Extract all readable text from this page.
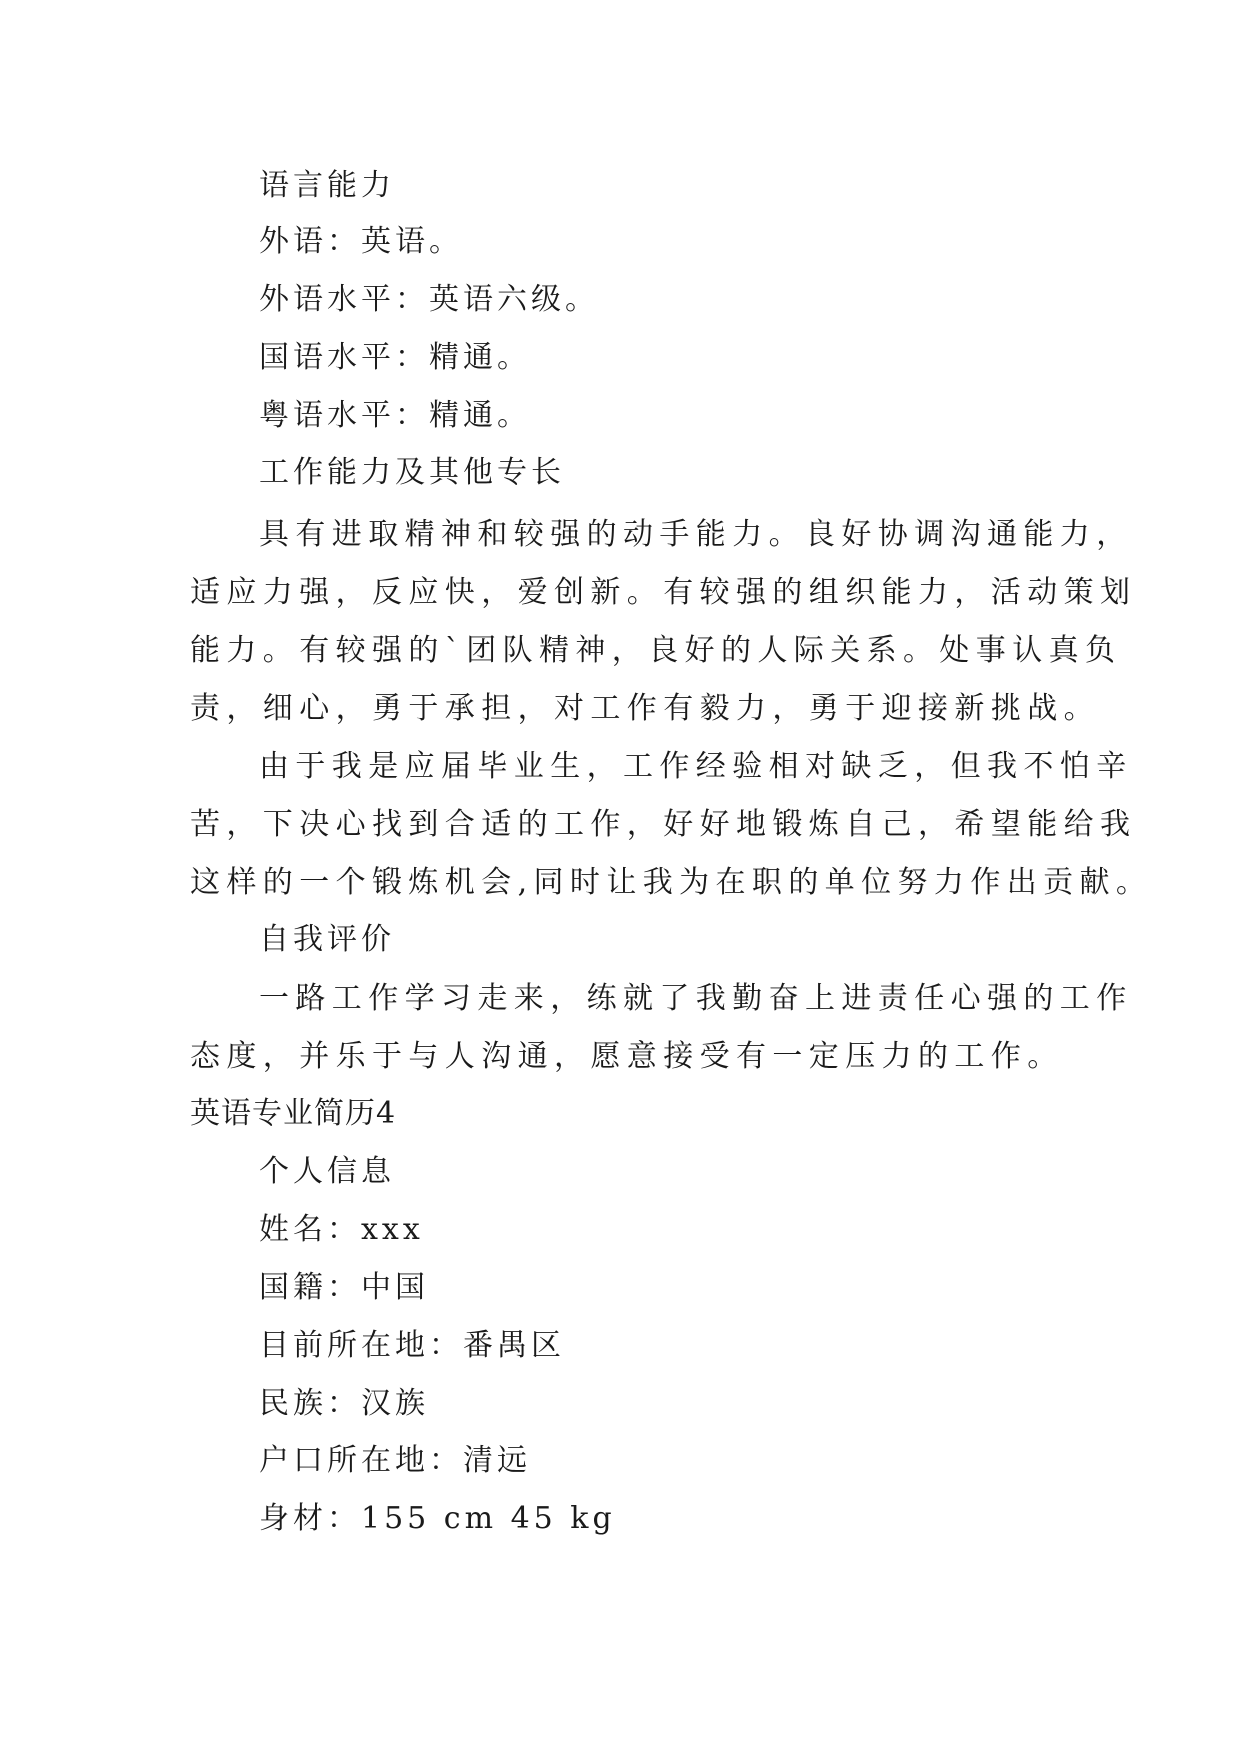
语言能力
外语：英语。
外语水平：英语六级。
国语水平：精通。
粤语水平：精通。
工作能力及其他专长
具有进取精神和较强的动手能力。良好协调沟通能力，
适应力强，反应快，爱创新。有较强的组织能力，活动策划
能力。有较强的`团队精神，良好的人际关系。处事认真负
责，细心，勇于承担，对工作有毅力，勇于迎接新挑战。
由于我是应届毕业生，工作经验相对缺乏，但我不怕辛
苦，下决心找到合适的工作，好好地锻炼自己，希望能给我
这样的一个锻炼机会,同时让我为在职的单位努力作出贡献。
自我评价
一路工作学习走来，练就了我勤奋上进责任心强的工作
态度，并乐于与人沟通，愿意接受有一定压力的工作。
英语专业简历4
个人信息
姓名：xxx
国籍：中国
目前所在地：番禺区
民族：汉族
户口所在地：清远
身材：155 cm 45 kg
